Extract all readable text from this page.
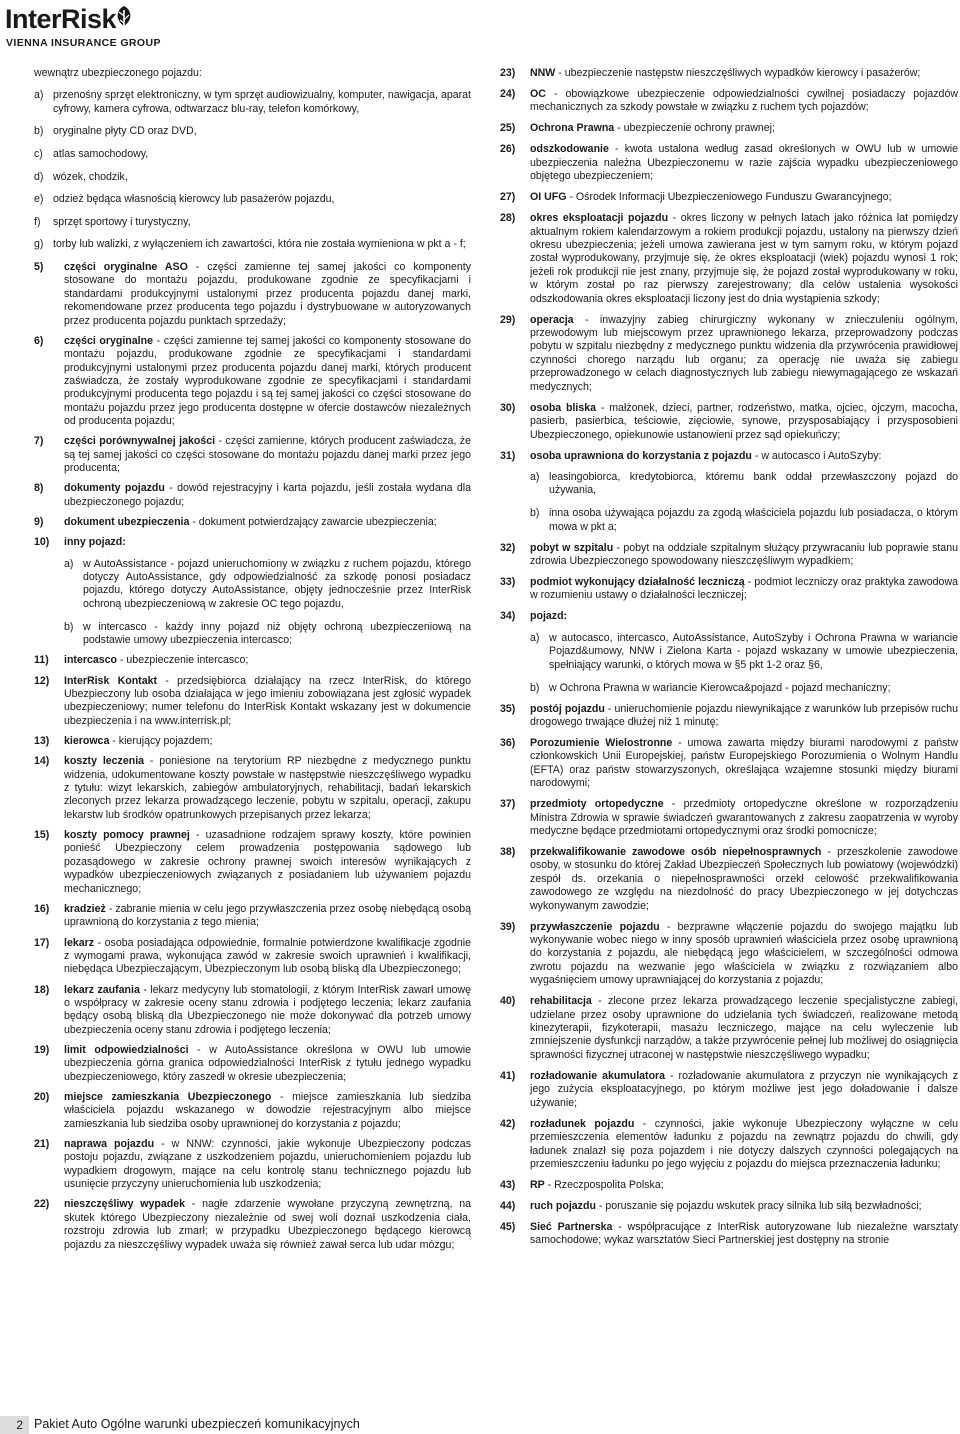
InterRisk
VIENNA INSURANCE GROUP
wewnątrz ubezpieczonego pojazdu:
a) przenośny sprzęt elektroniczny, w tym sprzęt audiowizualny, komputer, nawigacja, aparat cyfrowy, kamera cyfrowa, odtwarzacz blu-ray, telefon komórkowy,
b) oryginalne płyty CD oraz DVD,
c) atlas samochodowy,
d) wózek, chodzik,
e) odzież będąca własnością kierowcy lub pasażerów pojazdu,
f) sprzęt sportowy i turystyczny,
g) torby lub walizki, z wyłączeniem ich zawartości, która nie została wymieniona w pkt a - f;
5) części oryginalne ASO - części zamienne tej samej jakości co komponenty stosowane do montażu pojazdu, produkowane zgodnie ze specyfikacjami i standardami produkcyjnymi ustalonymi przez producenta pojazdu danej marki, rekomendowane przez producenta tego pojazdu i dystrybuowane w autoryzowanych przez producenta pojazdu punktach sprzedaży;
6) części oryginalne - części zamienne tej samej jakości co komponenty stosowane do montażu pojazdu, produkowane zgodnie ze specyfikacjami i standardami produkcyjnymi ustalonymi przez producenta pojazdu danej marki, których producent zaświadcza, że zostały wyprodukowane zgodnie ze specyfikacjami i standardami produkcyjnymi producenta tego pojazdu i są tej samej jakości co części stosowane do montażu pojazdu przez jego producenta dostępne w ofercie dostawców niezależnych od producenta pojazdu;
7) części porównywalnej jakości - części zamienne, których producent zaświadcza, że są tej samej jakości co części stosowane do montażu pojazdu danej marki przez jego producenta;
8) dokumenty pojazdu - dowód rejestracyjny i karta pojazdu, jeśli została wydana dla ubezpieczonego pojazdu;
9) dokument ubezpieczenia - dokument potwierdzający zawarcie ubezpieczenia;
10) inny pojazd:
a) w AutoAssistance - pojazd unieruchomiony w związku z ruchem pojazdu, którego dotyczy AutoAssistance, gdy odpowiedzialność za szkodę ponosi posiadacz pojazdu, którego dotyczy AutoAssistance, objęty jednocześnie przez InterRisk ochroną ubezpieczeniową w zakresie OC tego pojazdu,
b) w intercasco - każdy inny pojazd niż objęty ochroną ubezpieczeniową na podstawie umowy ubezpieczenia intercasco;
11) intercasco - ubezpieczenie intercasco;
12) InterRisk Kontakt - przedsiębiorca działający na rzecz InterRisk, do którego Ubezpieczony lub osoba działająca w jego imieniu zobowiązana jest zgłosić wypadek ubezpieczeniowy; numer telefonu do InterRisk Kontakt wskazany jest w dokumencie ubezpieczenia i na www.interrisk.pl;
13) kierowca - kierujący pojazdem;
14) koszty leczenia - poniesione na terytorium RP niezbędne z medycznego punktu widzenia, udokumentowane koszty powstałe w następstwie nieszczęśliwego wypadku z tytułu: wizyt lekarskich, zabiegów ambulatoryjnych, rehabilitacji, badań lekarskich zleconych przez lekarza prowadzącego leczenie, pobytu w szpitalu, operacji, zakupu lekarstw lub środków opatrunkowych przepisanych przez lekarza;
15) koszty pomocy prawnej - uzasadnione rodzajem sprawy koszty, które powinien ponieść Ubezpieczony celem prowadzenia postępowania sądowego lub pozasądowego w zakresie ochrony prawnej swoich interesów wynikających z wypadków ubezpieczeniowych związanych z posiadaniem lub używaniem pojazdu mechanicznego;
16) kradzież - zabranie mienia w celu jego przywłaszczenia przez osobę niebędącą osobą uprawnioną do korzystania z tego mienia;
17) lekarz - osoba posiadająca odpowiednie, formalnie potwierdzone kwalifikacje zgodnie z wymogami prawa, wykonująca zawód w zakresie swoich uprawnień i kwalifikacji, niebędąca Ubezpieczającym, Ubezpieczonym lub osobą bliską dla Ubezpieczonego;
18) lekarz zaufania - lekarz medycyny lub stomatologii, z którym InterRisk zawarł umowę o współpracy w zakresie oceny stanu zdrowia i podjętego leczenia; lekarz zaufania będący osobą bliską dla Ubezpieczonego nie może dokonywać dla potrzeb umowy ubezpieczenia oceny stanu zdrowia i podjętego leczenia;
19) limit odpowiedzialności - w AutoAssistance określona w OWU lub umowie ubezpieczenia górna granica odpowiedzialności InterRisk z tytułu jednego wypadku ubezpieczeniowego, który zaszedł w okresie ubezpieczenia;
20) miejsce zamieszkania Ubezpieczonego - miejsce zamieszkania lub siedziba właściciela pojazdu wskazanego w dowodzie rejestracyjnym albo miejsce zamieszkania lub siedziba osoby uprawnionej do korzystania z pojazdu;
21) naprawa pojazdu - w NNW: czynności, jakie wykonuje Ubezpieczony podczas postoju pojazdu, związane z uszkodzeniem pojazdu, unieruchomieniem pojazdu lub wypadkiem drogowym, mające na celu kontrolę stanu technicznego pojazdu lub usunięcie przyczyny unieruchomienia lub uszkodzenia;
22) nieszczęśliwy wypadek - nagłe zdarzenie wywołane przyczyną zewnętrzną, na skutek którego Ubezpieczony niezależnie od swej woli doznał uszkodzenia ciała, rozstroju zdrowia lub zmarł; w przypadku Ubezpieczonego będącego kierowcą pojazdu za nieszczęśliwy wypadek uważa się również zawał serca lub udar mózgu;
23) NNW - ubezpieczenie następstw nieszczęśliwych wypadków kierowcy i pasażerów;
24) OC - obowiązkowe ubezpieczenie odpowiedzialności cywilnej posiadaczy pojazdów mechanicznych za szkody powstałe w związku z ruchem tych pojazdów;
25) Ochrona Prawna - ubezpieczenie ochrony prawnej;
26) odszkodowanie - kwota ustalona według zasad określonych w OWU lub w umowie ubezpieczenia należna Ubezpieczonemu w razie zajścia wypadku ubezpieczeniowego objętego ubezpieczeniem;
27) OI UFG - Ośrodek Informacji Ubezpieczeniowego Funduszu Gwarancyjnego;
28) okres eksploatacji pojazdu - okres liczony w pełnych latach jako różnica lat pomiędzy aktualnym rokiem kalendarzowym a rokiem produkcji pojazdu, ustalony na pierwszy dzień okresu ubezpieczenia; jeżeli umowa zawierana jest w tym samym roku, w którym pojazd został wyprodukowany, przyjmuje się, że okres eksploatacji (wiek) pojazdu wynosi 1 rok; jeżeli rok produkcji nie jest znany, przyjmuje się, że pojazd został wyprodukowany w roku, w którym został po raz pierwszy zarejestrowany; dla celów ustalenia wysokości odszkodowania okres eksploatacji liczony jest do dnia wystąpienia szkody;
29) operacja - inwazyjny zabieg chirurgiczny wykonany w znieczuleniu ogólnym, przewodowym lub miejscowym przez uprawnionego lekarza, przeprowadzony podczas pobytu w szpitalu niezbędny z medycznego punktu widzenia dla przywrócenia prawidłowej czynności chorego narządu lub organu; za operację nie uważa się zabiegu przeprowadzonego w celach diagnostycznych lub zabiegu niewymagającego ze wskazań medycznych;
30) osoba bliska - małżonek, dzieci, partner, rodzeństwo, matka, ojciec, ojczym, macocha, pasierb, pasierbica, teściowie, zięciowie, synowe, przysposabiający i przysposobieni Ubezpieczonego, opiekunowie ustanowieni przez sąd opiekuńczy;
31) osoba uprawniona do korzystania z pojazdu - w autocasco i AutoSzyby:
a) leasingobiorca, kredytobiorca, któremu bank oddał przewłaszczony pojazd do używania,
b) inna osoba używająca pojazdu za zgodą właściciela pojazdu lub posiadacza, o którym mowa w pkt a;
32) pobyt w szpitalu - pobyt na oddziale szpitalnym służący przywracaniu lub poprawie stanu zdrowia Ubezpieczonego spowodowany nieszczęśliwym wypadkiem;
33) podmiot wykonujący działalność leczniczą - podmiot leczniczy oraz praktyka zawodowa w rozumieniu ustawy o działalności leczniczej;
34) pojazd:
a) w autocasco, intercasco, AutoAssistance, AutoSzyby i Ochrona Prawna w wariancie Pojazd&umowy, NNW i Zielona Karta - pojazd wskazany w umowie ubezpieczenia, spełniający warunki, o których mowa w §5 pkt 1-2 oraz §6,
b) w Ochrona Prawna w wariancie Kierowca&pojazd - pojazd mechaniczny;
35) postój pojazdu - unieruchomienie pojazdu niewynikające z warunków lub przepisów ruchu drogowego trwające dłużej niż 1 minutę;
36) Porozumienie Wielostronne - umowa zawarta między biurami narodowymi z państw członkowskich Unii Europejskiej, państw Europejskiego Porozumienia o Wolnym Handlu (EFTA) oraz państw stowarzyszonych, określająca wzajemne stosunki między biurami narodowymi;
37) przedmioty ortopedyczne - przedmioty ortopedyczne określone w rozporządzeniu Ministra Zdrowia w sprawie świadczeń gwarantowanych z zakresu zaopatrzenia w wyroby medyczne będące przedmiotami ortopedycznymi oraz środki pomocnicze;
38) przekwalifikowanie zawodowe osób niepełnosprawnych - przeszkolenie zawodowe osoby, w stosunku do której Zakład Ubezpieczeń Społecznych lub powiatowy (wojewódzki) zespół ds. orzekania o niepełnosprawności orzekł celowość przekwalifikowania zawodowego ze względu na niezdolność do pracy Ubezpieczonego w jej dotychczas wykonywanym zawodzie;
39) przywłaszczenie pojazdu - bezprawne włączenie pojazdu do swojego majątku lub wykonywanie wobec niego w inny sposób uprawnień właściciela przez osobę uprawnioną do korzystania z pojazdu, ale niebędącą jego właścicielem, w szczególności odmowa zwrotu pojazdu na wezwanie jego właściciela w związku z rozwiązaniem albo wygaśnięciem umowy uprawniającej do korzystania z pojazdu;
40) rehabilitacja - zlecone przez lekarza prowadzącego leczenie specjalistyczne zabiegi, udzielane przez osoby uprawnione do udzielania tych świadczeń, realizowane metodą kinezyterapii, fizykoterapii, masażu leczniczego, mające na celu wyleczenie lub zmniejszenie dysfunkcji narządów, a także przywrócenie pełnej lub możliwej do osiągnięcia sprawności fizycznej utraconej w następstwie nieszczęśliwego wypadku;
41) rozładowanie akumulatora - rozładowanie akumulatora z przyczyn nie wynikających z jego zużycia eksploatacyjnego, po którym możliwe jest jego doładowanie i dalsze używanie;
42) rozładunek pojazdu - czynności, jakie wykonuje Ubezpieczony wyłączne w celu przemieszczenia elementów ładunku z pojazdu na zewnątrz pojazdu do chwili, gdy ładunek znalazł się poza pojazdem i nie dotyczy dalszych czynności polegających na przemieszczeniu ładunku po jego wyjęciu z pojazdu do miejsca przeznaczenia ładunku;
43) RP - Rzeczpospolita Polska;
44) ruch pojazdu - poruszanie się pojazdu wskutek pracy silnika lub siłą bezwładności;
45) Sieć Partnerska - współpracujące z InterRisk autoryzowane lub niezależne warsztaty samochodowe; wykaz warsztatów Sieci Partnerskiej jest dostępny na stronie
2 Pakiet Auto Ogólne warunki ubezpieczeń komunikacyjnych
